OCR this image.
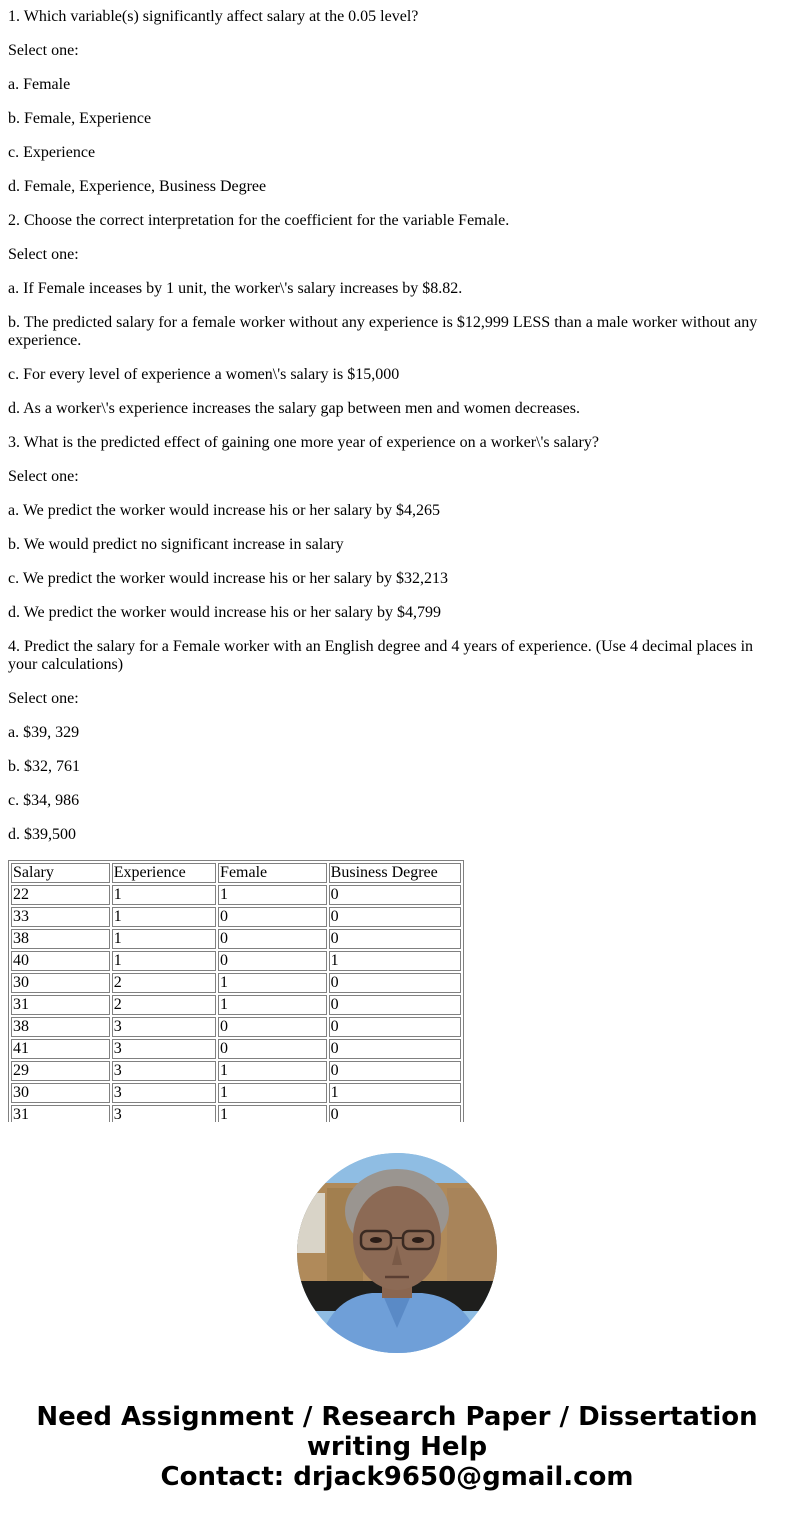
1. Which variable(s) significantly affect salary at the 0.05 level?

Select one:

a. Female

b. Female, Experience

c. Experience

d. Female, Experience, Business Degree

2. Choose the correct interpretation for the coefficient for the variable Female.

Select one:

a. If Female inceases by 1 unit, the worker\'s salary increases by $8.82.

b. The predicted salary for a female worker without any experience is $12,999 LESS than a male worker without any experience.

c. For every level of experience a women\'s salary is $15,000

d. As a worker\'s experience increases the salary gap between men and women decreases.

3. What is the predicted effect of gaining one more year of experience on a worker\'s salary?

Select one:

a. We predict the worker would increase his or her salary by $4,265

b. We would predict no significant increase in salary

c. We predict the worker would increase his or her salary by $32,213

d. We predict the worker would increase his or her salary by $4,799

4. Predict the salary for a Female worker with an English degree and 4 years of experience. (Use 4 decimal places in your calculations)

Select one:

a. $39, 329

b. $32, 761

c. $34, 986

d. $39,500

Salary	Experience	Female	Business Degree
22	1	1	0
33	1	0	0
38	1	0	0
40	1	0	1
30	2	1	0
31	2	1	0
38	3	0	0
41	3	0	0
29	3	1	0
30	3	1	1
31	3	1	0
Need Assignment / Research Paper / Dissertation
writing Help
Contact: drjack9650@gmail.com
